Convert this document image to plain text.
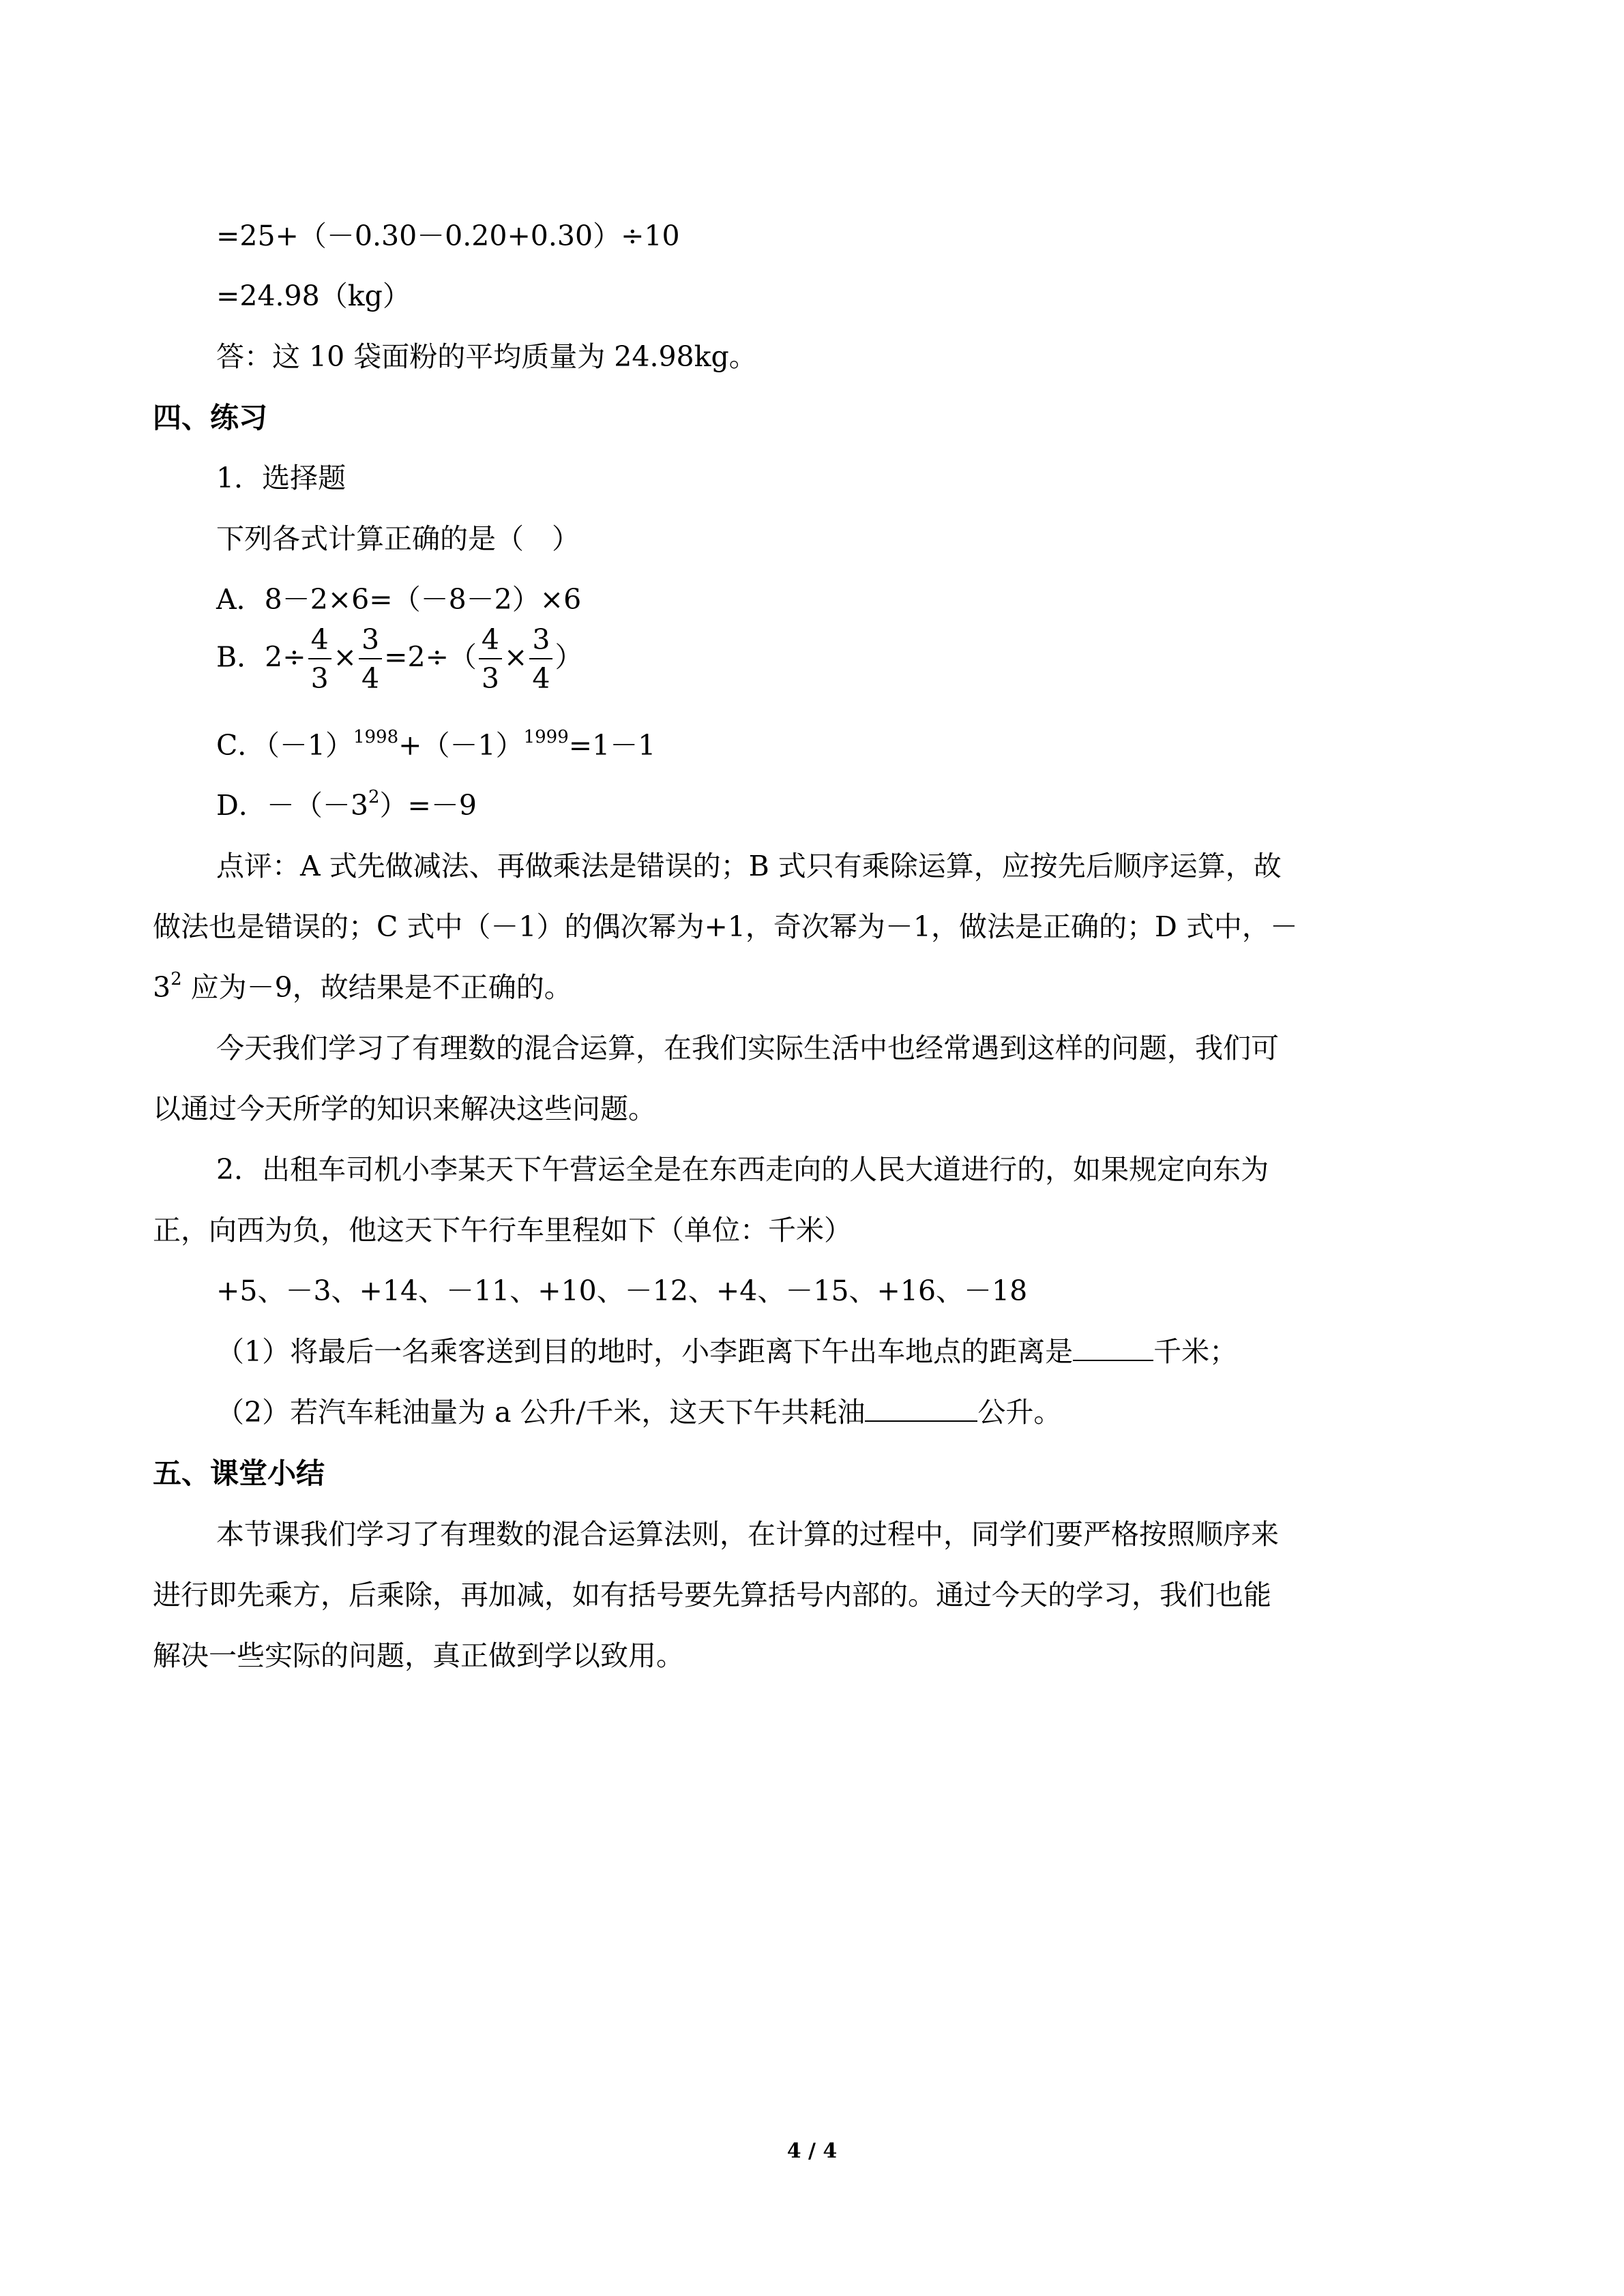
=25+（－0.30－0.20+0.30）÷10
=24.98（kg）
答：这 10 袋面粉的平均质量为 24.98kg。
四、练习
1．选择题
下列各式计算正确的是（　）
A．8－2×6=（－8－2）×6
B．$2\div \frac{4}{3} \times \frac{3}{4} =2\div( \frac{4}{3} \times \frac{3}{4}$ ）
C．$(-1)^{1998}+(-1)^{1999}=1-1$
D．$-(-3^2)=-9$
点评：A 式先做减法、再做乘法是错误的；B 式只有乘除运算，应按先后顺序运算，故
做法也是错误的；C 式中（－1）的偶次幂为+1，奇次幂为－1，做法是正确的；D 式中，－
$3^2$ 应为－9，故结果是不正确的。
今天我们学习了有理数的混合运算，在我们实际生活中也经常遇到这样的问题，我们可
以通过今天所学的知识来解决这些问题。
2．出租车司机小李某天下午营运全是在东西走向的人民大道进行的，如果规定向东为
正，向西为负，他这天下午行车里程如下（单位：千米）
+5、－3、+14、－11、+10、－12、+4、－15、+16、－18
（1）将最后一名乘客送到目的地时，小李距离下午出车地点的距离是	千米；
（2）若汽车耗油量为 a 公升/千米，这天下午共耗油	公升。
五、课堂小结
本节课我们学习了有理数的混合运算法则，在计算的过程中，同学们要严格按照顺序来
进行即先乘方，后乘除，再加减，如有括号要先算括号内部的。通过今天的学习，我们也能
解决一些实际的问题，真正做到学以致用。
4 / 4
